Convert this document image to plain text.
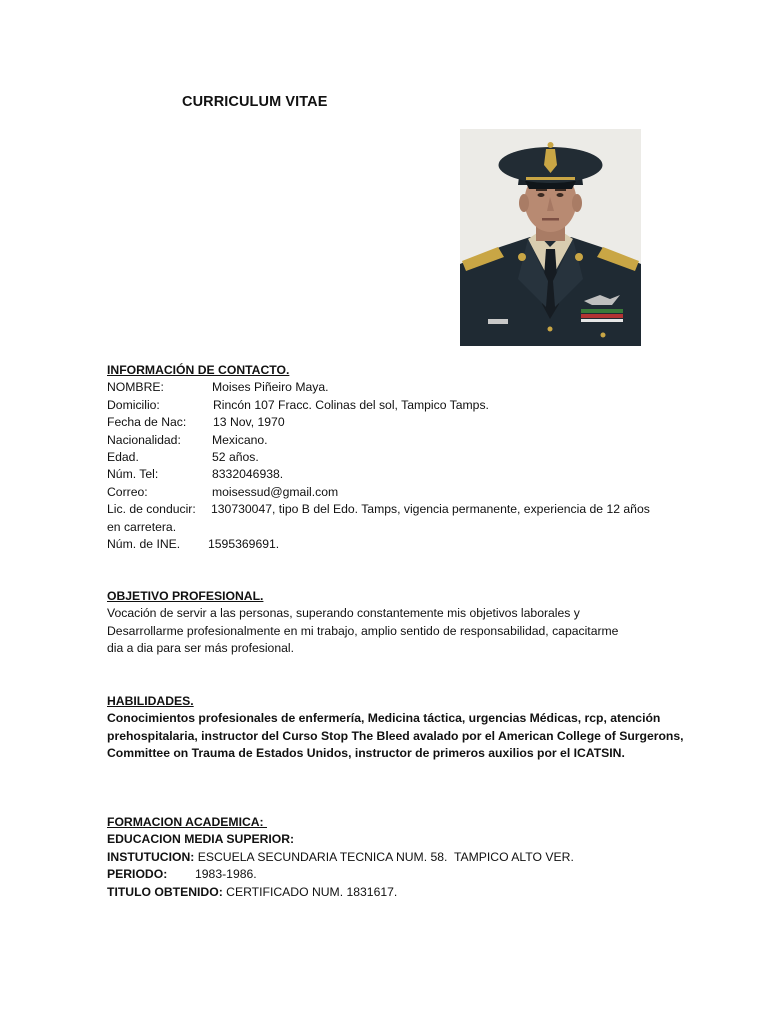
CURRICULUM VITAE
INFORMACIÓN DE CONTACTO.
NOMBRE:	Moises Piñeiro Maya.
Domicilio:	Rincón 107 Fracc. Colinas del sol, Tampico Tamps.
Fecha de Nac: 13 Nov, 1970
Nacionalidad:	Mexicano.
Edad.	52 años.
Núm. Tel:	8332046938.
Correo:	moisessud@gmail.com
Lic. de conducir: 130730047, tipo B del Edo. Tamps, vigencia permanente, experiencia de 12 años
en carretera.
Núm. de INE. 1595369691.
OBJETIVO PROFESIONAL.
Vocación de servir a las personas, superando constantemente mis objetivos laborales y
Desarrollarme profesionalmente en mi trabajo, amplio sentido de responsabilidad, capacitarme
dia a dia para ser más profesional.
HABILIDADES.
Conocimientos profesionales de enfermería, Medicina táctica, urgencias Médicas, rcp, atención
prehospitalaria, instructor del Curso Stop The Bleed avalado por el American College of Surgerons,
Committee on Trauma de Estados Unidos, instructor de primeros auxilios por el ICATSIN.
FORMACION ACADEMICA:
EDUCACION MEDIA SUPERIOR:
INSTUTUCION: ESCUELA SECUNDARIA TECNICA NUM. 58.  TAMPICO ALTO VER.
PERIODO: 1983-1986.
TITULO OBTENIDO: CERTIFICADO NUM. 1831617.
